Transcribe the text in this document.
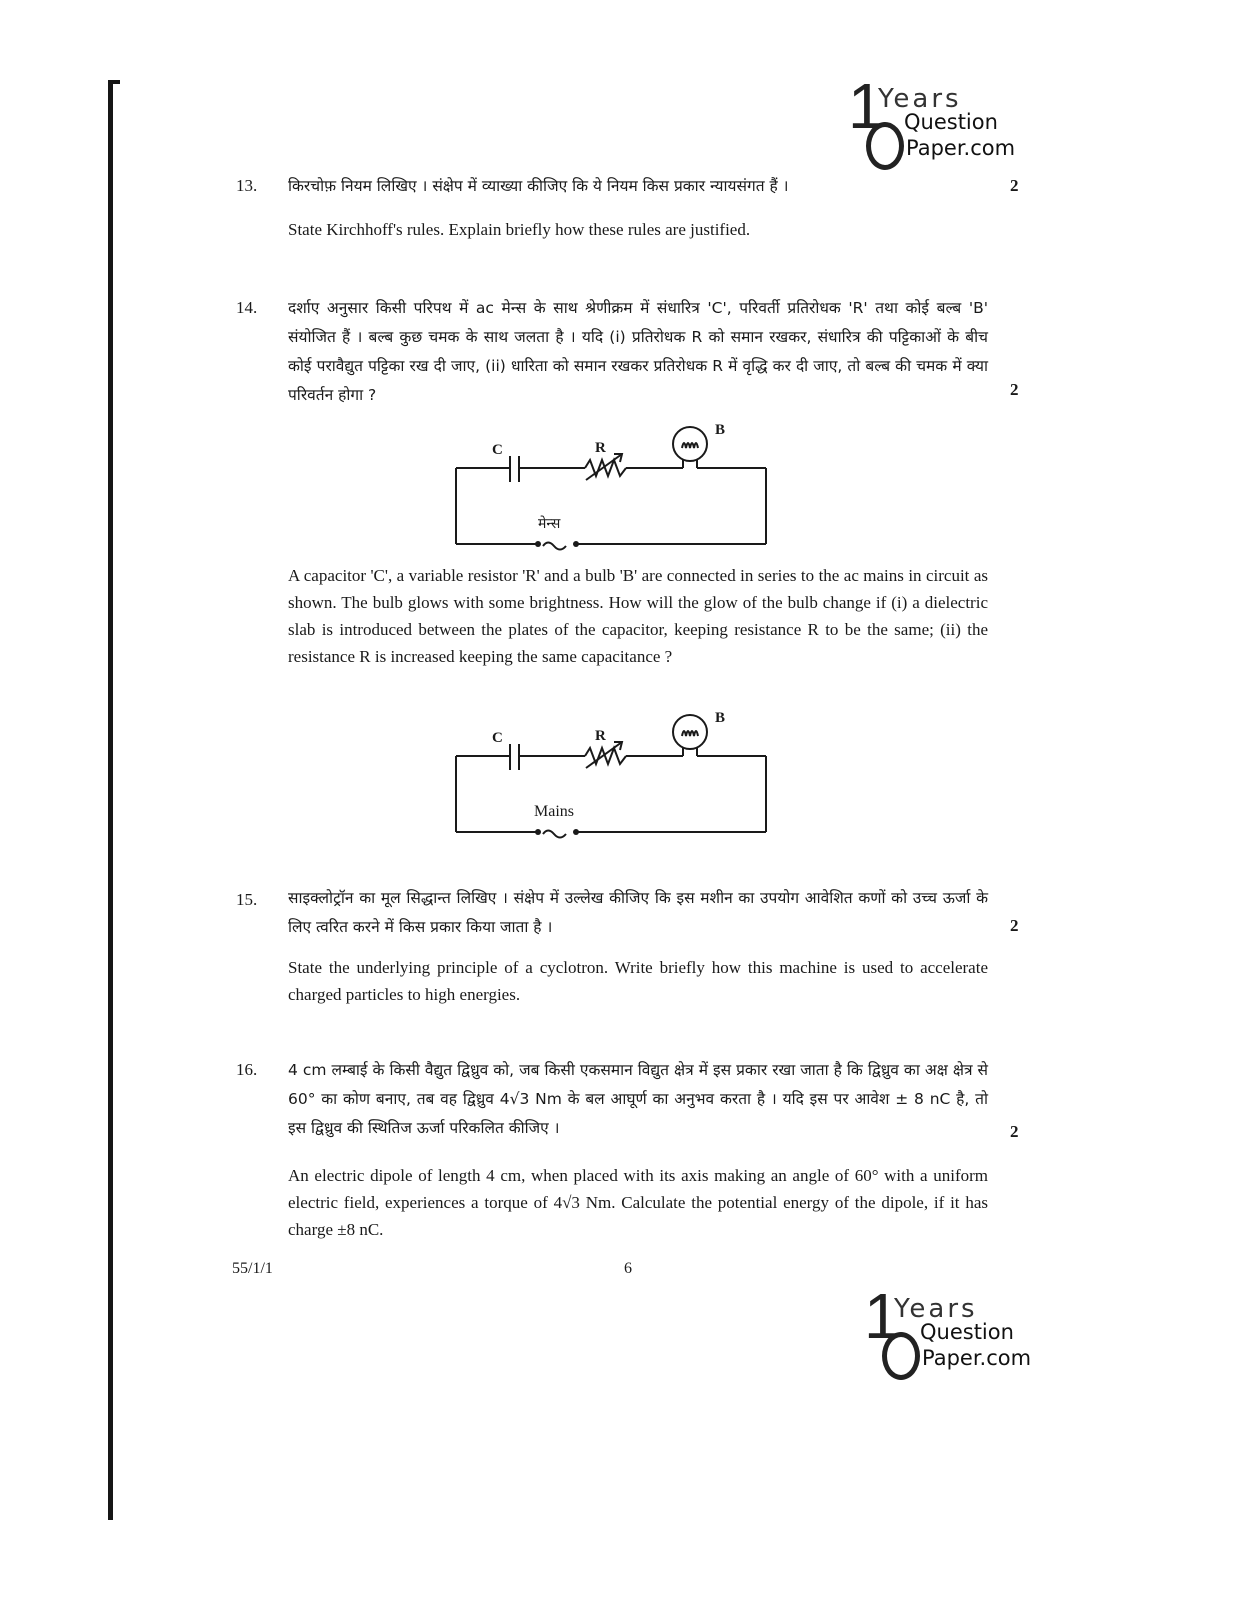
1
Years
Question
Paper.com
13.	2
किरचोफ़ नियम लिखिए । संक्षेप में व्याख्या कीजिए कि ये नियम किस प्रकार न्यायसंगत हैं ।
State Kirchhoff's rules. Explain briefly how these rules are justified.
14.
2
दर्शाए अनुसार किसी परिपथ में ac मेन्स के साथ श्रेणीक्रम में संधारित्र 'C', परिवर्ती प्रतिरोधक 'R' तथा कोई बल्ब 'B' संयोजित हैं । बल्ब कुछ चमक के साथ जलता है । यदि (i) प्रतिरोधक R को समान रखकर, संधारित्र की पट्टिकाओं के बीच कोई परावैद्युत पट्टिका रख दी जाए, (ii) धारिता को समान रखकर प्रतिरोधक R में वृद्धि कर दी जाए, तो बल्ब की चमक में क्या परिवर्तन होगा ?
C	R
B
मेन्स
A capacitor 'C', a variable resistor 'R' and a bulb 'B' are connected in series to the ac mains in circuit as shown. The bulb glows with some brightness. How will the glow of the bulb change if (i) a dielectric slab is introduced between the plates of the capacitor, keeping resistance R to be the same; (ii) the resistance R is increased keeping the same capacitance ?
C	R
B
Mains
15.
2
साइक्लोट्रॉन का मूल सिद्धान्त लिखिए । संक्षेप में उल्लेख कीजिए कि इस मशीन का उपयोग आवेशित कणों को उच्च ऊर्जा के लिए त्वरित करने में किस प्रकार किया जाता है ।
State the underlying principle of a cyclotron. Write briefly how this machine is used to accelerate charged particles to high energies.
16.
2
4 cm लम्बाई के किसी वैद्युत द्विध्रुव को, जब किसी एकसमान विद्युत क्षेत्र में इस प्रकार रखा जाता है कि द्विध्रुव का अक्ष क्षेत्र से 60° का कोण बनाए, तब वह द्विध्रुव 4√3 Nm के बल आघूर्ण का अनुभव करता है । यदि इस पर आवेश ± 8 nC है, तो इस द्विध्रुव की स्थितिज ऊर्जा परिकलित कीजिए ।
An electric dipole of length 4 cm, when placed with its axis making an angle of 60° with a uniform electric field, experiences a torque of 4√3 Nm. Calculate the potential energy of the dipole, if it has charge ±8 nC.
55/1/1	6
1
Years
Question
Paper.com
